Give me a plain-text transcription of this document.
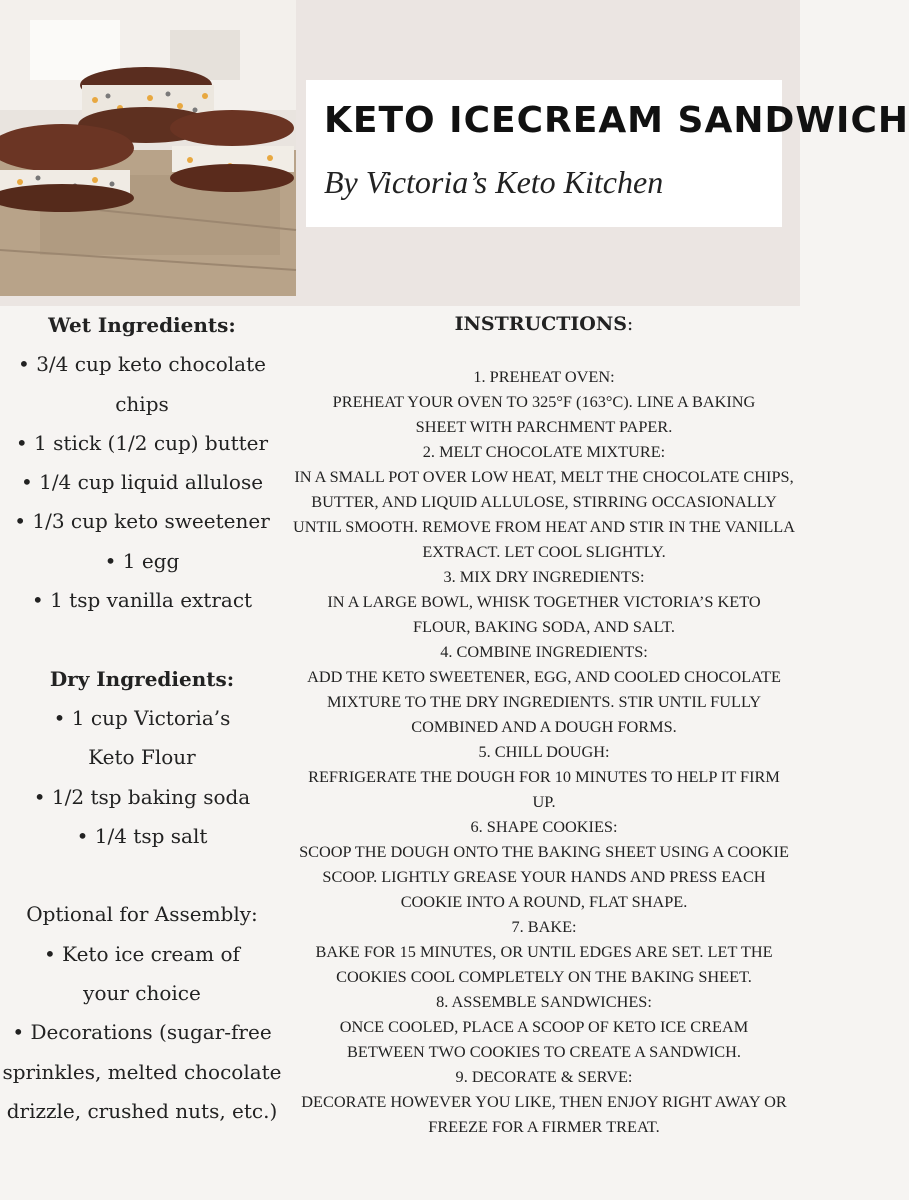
KETO ICECREAM SANDWICH
By Victoria’s Keto Kitchen
Wet Ingredients:
• 3/4 cup keto chocolate chips
• 1 stick (1/2 cup) butter
• 1/4 cup liquid allulose
• 1/3 cup keto sweetener
• 1 egg
• 1 tsp vanilla extract

Dry Ingredients:
• 1 cup Victoria’s Keto Flour
• 1/2 tsp baking soda
• 1/4 tsp salt

Optional for Assembly:
• Keto ice cream of your choice
• Decorations (sugar-free sprinkles, melted chocolate drizzle, crushed nuts, etc.)
INSTRUCTIONS:
1. PREHEAT OVEN:
PREHEAT YOUR OVEN TO 325°F (163°C). LINE A BAKING SHEET WITH PARCHMENT PAPER.
2. MELT CHOCOLATE MIXTURE:
IN A SMALL POT OVER LOW HEAT, MELT THE CHOCOLATE CHIPS, BUTTER, AND LIQUID ALLULOSE, STIRRING OCCASIONALLY UNTIL SMOOTH. REMOVE FROM HEAT AND STIR IN THE VANILLA EXTRACT. LET COOL SLIGHTLY.
3. MIX DRY INGREDIENTS:
IN A LARGE BOWL, WHISK TOGETHER VICTORIA’S KETO FLOUR, BAKING SODA, AND SALT.
4. COMBINE INGREDIENTS:
ADD THE KETO SWEETENER, EGG, AND COOLED CHOCOLATE MIXTURE TO THE DRY INGREDIENTS. STIR UNTIL FULLY COMBINED AND A DOUGH FORMS.
5. CHILL DOUGH:
REFRIGERATE THE DOUGH FOR 10 MINUTES TO HELP IT FIRM UP.
6. SHAPE COOKIES:
SCOOP THE DOUGH ONTO THE BAKING SHEET USING A COOKIE SCOOP. LIGHTLY GREASE YOUR HANDS AND PRESS EACH COOKIE INTO A ROUND, FLAT SHAPE.
7. BAKE:
BAKE FOR 15 MINUTES, OR UNTIL EDGES ARE SET. LET THE COOKIES COOL COMPLETELY ON THE BAKING SHEET.
8. ASSEMBLE SANDWICHES:
ONCE COOLED, PLACE A SCOOP OF KETO ICE CREAM BETWEEN TWO COOKIES TO CREATE A SANDWICH.
9. DECORATE & SERVE:
DECORATE HOWEVER YOU LIKE, THEN ENJOY RIGHT AWAY OR FREEZE FOR A FIRMER TREAT.
